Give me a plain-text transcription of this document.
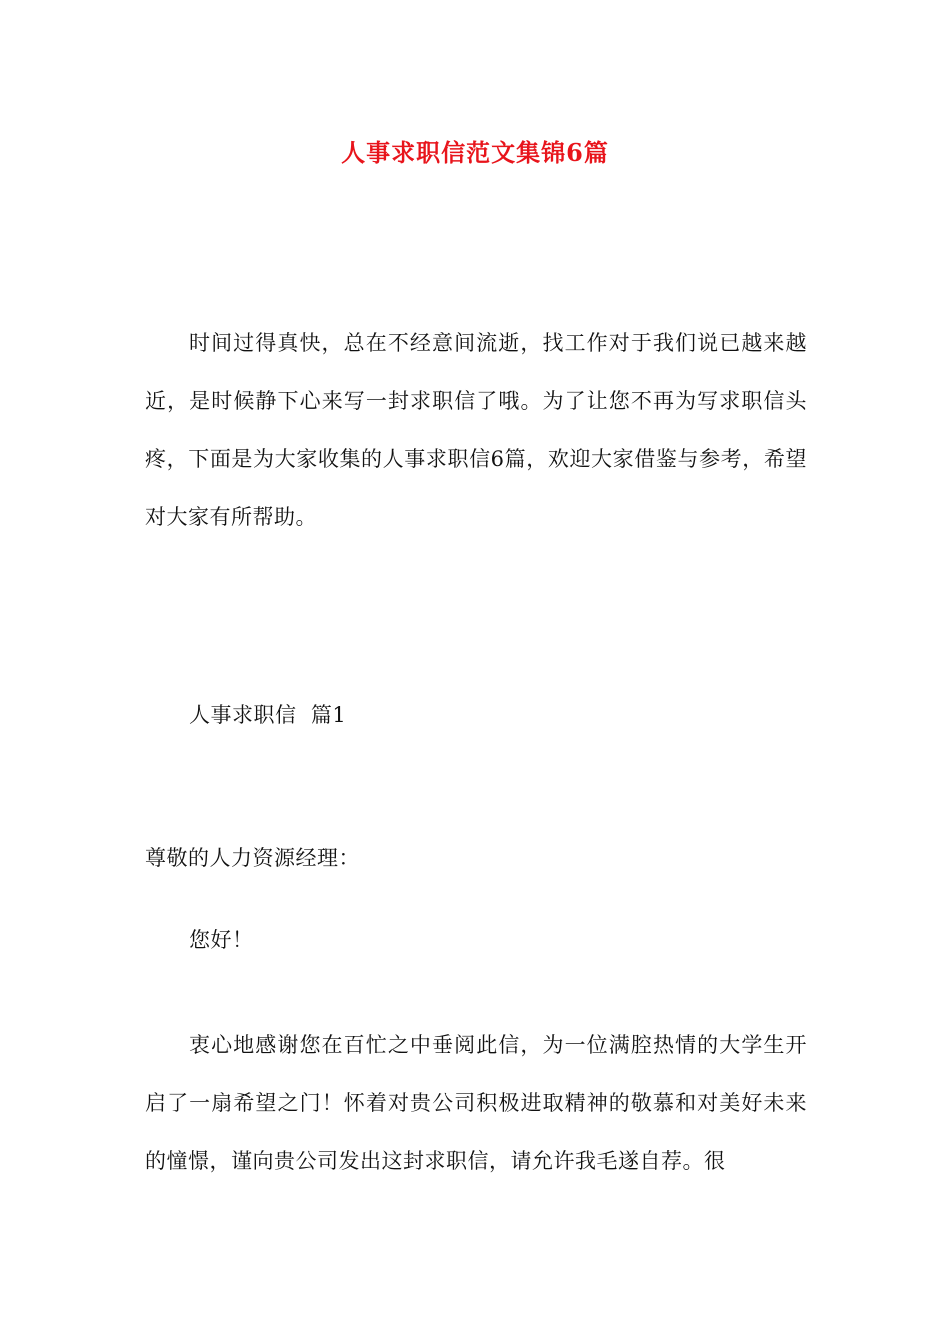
人事求职信范文集锦6篇

时间过得真快，总在不经意间流逝，找工作对于我们说已越来越近，是时候静下心来写一封求职信了哦。为了让您不再为写求职信头疼，下面是为大家收集的人事求职信6篇，欢迎大家借鉴与参考，希望对大家有所帮助。

人事求职信  篇1
尊敬的人力资源经理：
您好！

衷心地感谢您在百忙之中垂阅此信，为一位满腔热情的大学生开启了一扇希望之门！怀着对贵公司积极进取精神的敬慕和对美好未来的憧憬，谨向贵公司发出这封求职信，请允许我毛遂自荐。很
